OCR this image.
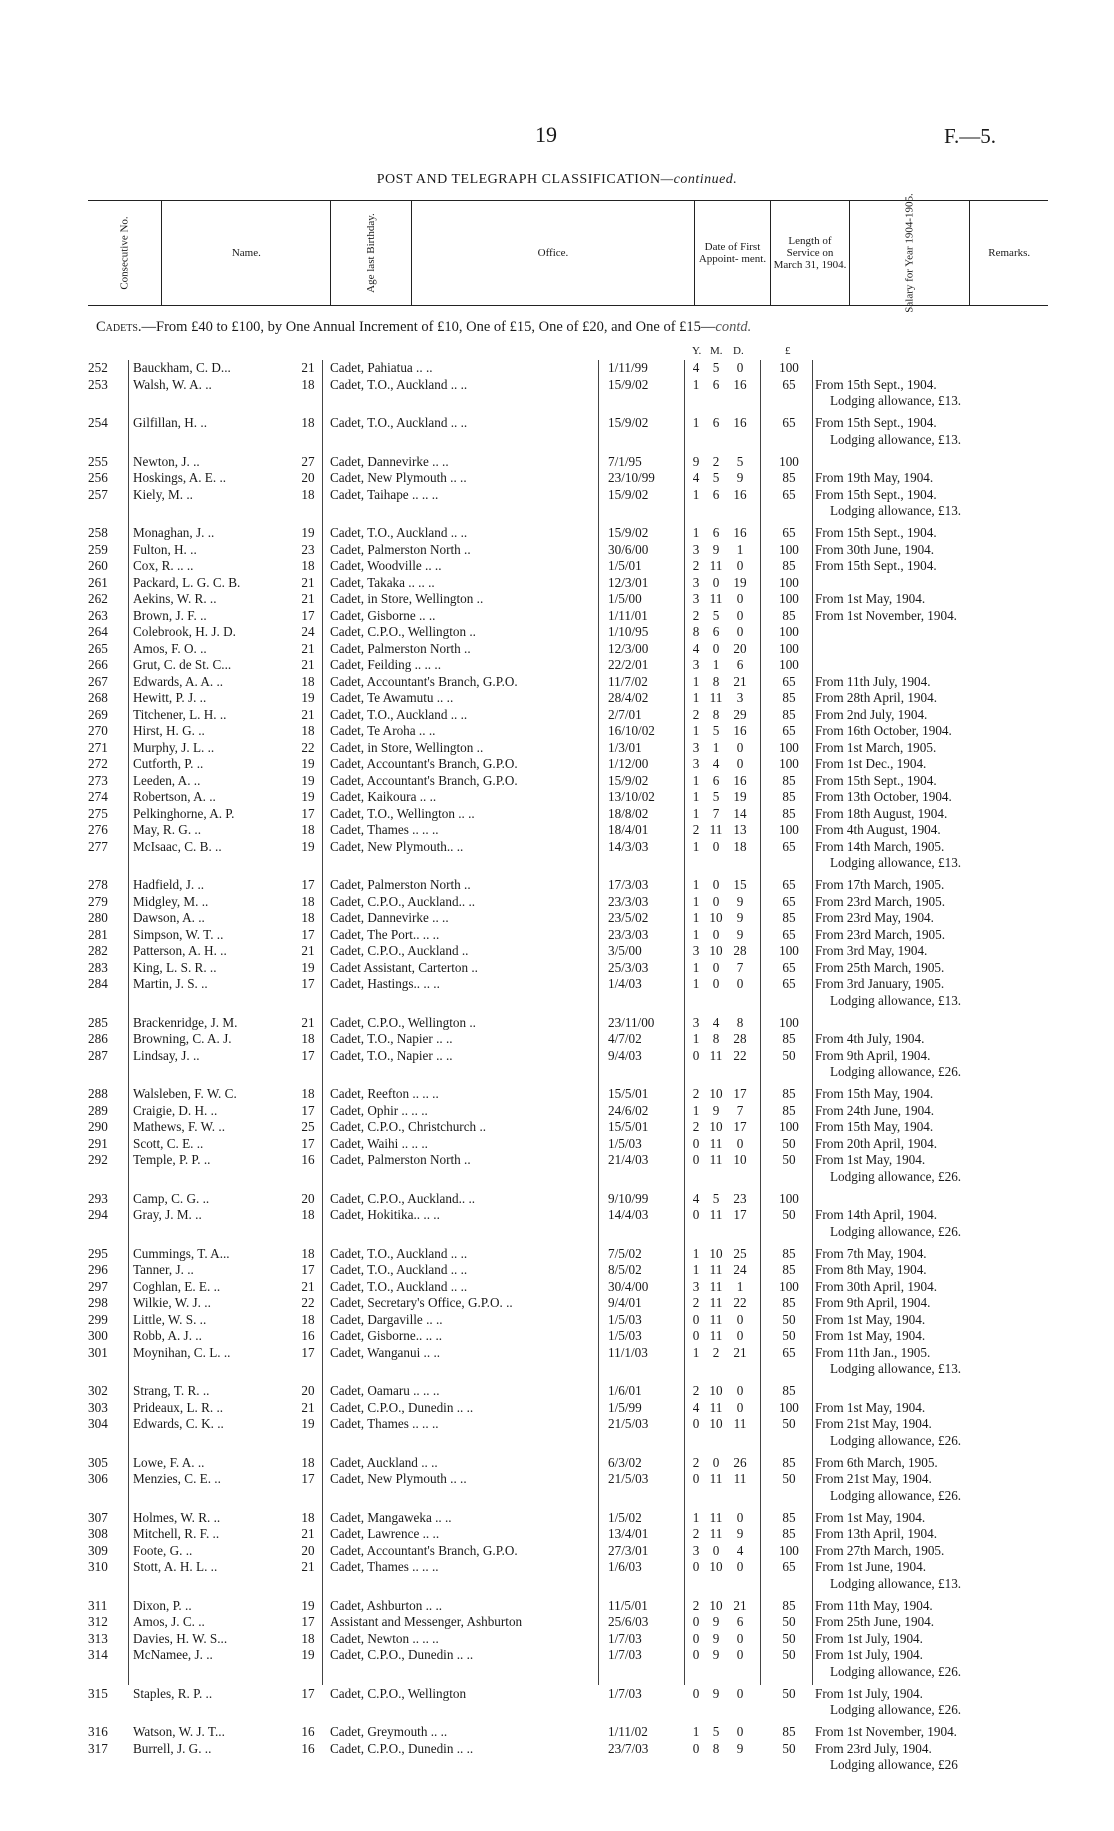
19	F.—5.
POST AND TELEGRAPH CLASSIFICATION—continued.
Consecutive No.	Name.	Age last Birthday.	Office.	Date of First Appoint- ment.	Length of Service on March 31, 1904.	Salary for Year 1904-1905.	Remarks.
Cadets.—From £40 to £100, by One Annual Increment of £10, One of £15, One of £20, and One of £15—contd.
Y. M. D.	£
252	Bauckham, C. D...	21	Cadet, Pahiatua .. ..	1/11/99	4	5	0	100
253	Walsh, W. A. ..	18	Cadet, T.O., Auckland .. ..	15/9/02	1	6	16	65	From 15th Sept., 1904.
Lodging allowance, £13.
254	Gilfillan, H. ..	18	Cadet, T.O., Auckland .. ..	15/9/02	1	6	16	65	From 15th Sept., 1904.
Lodging allowance, £13.
255	Newton, J. ..	27	Cadet, Dannevirke .. ..	7/1/95	9	2	5	100
256	Hoskings, A. E. ..	20	Cadet, New Plymouth .. ..	23/10/99	4	5	9	85	From 19th May, 1904.
257	Kiely, M. ..	18	Cadet, Taihape .. .. ..	15/9/02	1	6	16	65	From 15th Sept., 1904.
Lodging allowance, £13.
258	Monaghan, J. ..	19	Cadet, T.O., Auckland .. ..	15/9/02	1	6	16	65	From 15th Sept., 1904.
259	Fulton, H. ..	23	Cadet, Palmerston North ..	30/6/00	3	9	1	100	From 30th June, 1904.
260	Cox, R. .. ..	18	Cadet, Woodville .. ..	1/5/01	2 11	0	85	From 15th Sept., 1904.
261	Packard, L. G. C. B.	21	Cadet, Takaka .. .. ..	12/3/01	3	0	19	100
262	Aekins, W. R. ..	21	Cadet, in Store, Wellington ..	1/5/00	3 11	0	100	From 1st May, 1904.
263	Brown, J. F. ..	17	Cadet, Gisborne .. ..	1/11/01	2	5	0	85	From 1st November, 1904.
264	Colebrook, H. J. D.	24	Cadet, C.P.O., Wellington ..	1/10/95	8	6	0	100
265	Amos, F. O. ..	21	Cadet, Palmerston North ..	12/3/00	4	0	20	100
266	Grut, C. de St. C...	21	Cadet, Feilding .. .. ..	22/2/01	3	1	6	100
267	Edwards, A. A. ..	18	Cadet, Accountant's Branch, G.P.O.	11/7/02	1	8	21	65	From 11th July, 1904.
268	Hewitt, P. J. ..	19	Cadet, Te Awamutu .. ..	28/4/02	1 11	3	85	From 28th April, 1904.
269	Titchener, L. H. ..	21	Cadet, T.O., Auckland .. ..	2/7/01	2	8	29	85	From 2nd July, 1904.
270	Hirst, H. G. ..	18	Cadet, Te Aroha .. ..	16/10/02	1	5	16	65	From 16th October, 1904.
271	Murphy, J. L. ..	22	Cadet, in Store, Wellington ..	1/3/01	3	1	0	100	From 1st March, 1905.
272	Cutforth, P. ..	19	Cadet, Accountant's Branch, G.P.O.	1/12/00	3	4	0	100	From 1st Dec., 1904.
273	Leeden, A. ..	19	Cadet, Accountant's Branch, G.P.O.	15/9/02	1	6	16	85	From 15th Sept., 1904.
274	Robertson, A. ..	19	Cadet, Kaikoura .. ..	13/10/02	1	5	19	85	From 13th October, 1904.
275	Pelkinghorne, A. P.	17	Cadet, T.O., Wellington .. ..	18/8/02	1	7	14	85	From 18th August, 1904.
276	May, R. G. ..	18	Cadet, Thames .. .. ..	18/4/01	2 11 13	100	From 4th August, 1904.
277	McIsaac, C. B. ..	19	Cadet, New Plymouth.. ..	14/3/03	1	0	18	65	From 14th March, 1905.
Lodging allowance, £13.
278	Hadfield, J. ..	17	Cadet, Palmerston North ..	17/3/03	1	0	15	65	From 17th March, 1905.
279	Midgley, M. ..	18	Cadet, C.P.O., Auckland.. ..	23/3/03	1	0	9	65	From 23rd March, 1905.
280	Dawson, A. ..	18	Cadet, Dannevirke .. ..	23/5/02	1 10	9	85	From 23rd May, 1904.
281	Simpson, W. T. ..	17	Cadet, The Port.. .. ..	23/3/03	1	0	9	65	From 23rd March, 1905.
282	Patterson, A. H. ..	21	Cadet, C.P.O., Auckland ..	3/5/00	3 10 28	100	From 3rd May, 1904.
283	King, L. S. R. ..	19	Cadet Assistant, Carterton ..	25/3/03	1	0	7	65	From 25th March, 1905.
284	Martin, J. S. ..	17	Cadet, Hastings.. .. ..	1/4/03	1	0	0	65	From 3rd January, 1905.
Lodging allowance, £13.
285	Brackenridge, J. M.	21	Cadet, C.P.O., Wellington ..	23/11/00	3	4	8	100
286	Browning, C. A. J.	18	Cadet, T.O., Napier .. ..	4/7/02	1	8	28	85	From 4th July, 1904.
287	Lindsay, J. ..	17	Cadet, T.O., Napier .. ..	9/4/03	0 11 22	50	From 9th April, 1904.
Lodging allowance, £26.
288	Walsleben, F. W. C.	18	Cadet, Reefton .. .. ..	15/5/01	2 10 17	85	From 15th May, 1904.
289	Craigie, D. H. ..	17	Cadet, Ophir .. .. ..	24/6/02	1	9	7	85	From 24th June, 1904.
290	Mathews, F. W. ..	25	Cadet, C.P.O., Christchurch ..	15/5/01	2 10 17	100	From 15th May, 1904.
291	Scott, C. E. ..	17	Cadet, Waihi .. .. ..	1/5/03	0 11	0	50	From 20th April, 1904.
292	Temple, P. P. ..	16	Cadet, Palmerston North ..	21/4/03	0 11 10	50	From 1st May, 1904.
Lodging allowance, £26.
293	Camp, C. G. ..	20	Cadet, C.P.O., Auckland.. ..	9/10/99	4	5	23	100
294	Gray, J. M. ..	18	Cadet, Hokitika.. .. ..	14/4/03	0 11 17	50	From 14th April, 1904.
Lodging allowance, £26.
295	Cummings, T. A...	18	Cadet, T.O., Auckland .. ..	7/5/02	1 10 25	85	From 7th May, 1904.
296	Tanner, J. ..	17	Cadet, T.O., Auckland .. ..	8/5/02	1 11 24	85	From 8th May, 1904.
297	Coghlan, E. E. ..	21	Cadet, T.O., Auckland .. ..	30/4/00	3 11	1	100	From 30th April, 1904.
298	Wilkie, W. J. ..	22	Cadet, Secretary's Office, G.P.O. ..	9/4/01	2 11 22	85	From 9th April, 1904.
299	Little, W. S. ..	18	Cadet, Dargaville .. ..	1/5/03	0 11	0	50	From 1st May, 1904.
300	Robb, A. J. ..	16	Cadet, Gisborne.. .. ..	1/5/03	0 11	0	50	From 1st May, 1904.
301	Moynihan, C. L. ..	17	Cadet, Wanganui .. ..	11/1/03	1	2	21	65	From 11th Jan., 1905.
Lodging allowance, £13.
302	Strang, T. R. ..	20	Cadet, Oamaru .. .. ..	1/6/01	2 10	0	85
303	Prideaux, L. R. ..	21	Cadet, C.P.O., Dunedin .. ..	1/5/99	4 11	0	100	From 1st May, 1904.
304	Edwards, C. K. ..	19	Cadet, Thames .. .. ..	21/5/03	0 10 11	50	From 21st May, 1904.
Lodging allowance, £26.
305	Lowe, F. A. ..	18	Cadet, Auckland .. ..	6/3/02	2	0	26	85	From 6th March, 1905.
306	Menzies, C. E. ..	17	Cadet, New Plymouth .. ..	21/5/03	0 11 11	50	From 21st May, 1904.
Lodging allowance, £26.
307	Holmes, W. R. ..	18	Cadet, Mangaweka .. ..	1/5/02	1 11	0	85	From 1st May, 1904.
308	Mitchell, R. F. ..	21	Cadet, Lawrence .. ..	13/4/01	2 11	9	85	From 13th April, 1904.
309	Foote, G. ..	20	Cadet, Accountant's Branch, G.P.O.	27/3/01	3	0	4	100	From 27th March, 1905.
310	Stott, A. H. L. ..	21	Cadet, Thames .. .. ..	1/6/03	0 10	0	65	From 1st June, 1904.
Lodging allowance, £13.
311	Dixon, P. ..	19	Cadet, Ashburton .. ..	11/5/01	2 10 21	85	From 11th May, 1904.
312	Amos, J. C. ..	17	Assistant and Messenger, Ashburton	25/6/03	0	9	6	50	From 25th June, 1904.
313	Davies, H. W. S...	18	Cadet, Newton .. .. ..	1/7/03	0	9	0	50	From 1st July, 1904.
314	McNamee, J. ..	19	Cadet, C.P.O., Dunedin .. ..	1/7/03	0	9	0	50	From 1st July, 1904.
Lodging allowance, £26.
315	Staples, R. P. ..	17	Cadet, C.P.O., Wellington	1/7/03	0	9	0	50	From 1st July, 1904.
Lodging allowance, £26.
316	Watson, W. J. T...	16	Cadet, Greymouth .. ..	1/11/02	1	5	0	85	From 1st November, 1904.
317	Burrell, J. G. ..	16	Cadet, C.P.O., Dunedin .. ..	23/7/03	0	8	9	50	From 23rd July, 1904.
Lodging allowance, £26
